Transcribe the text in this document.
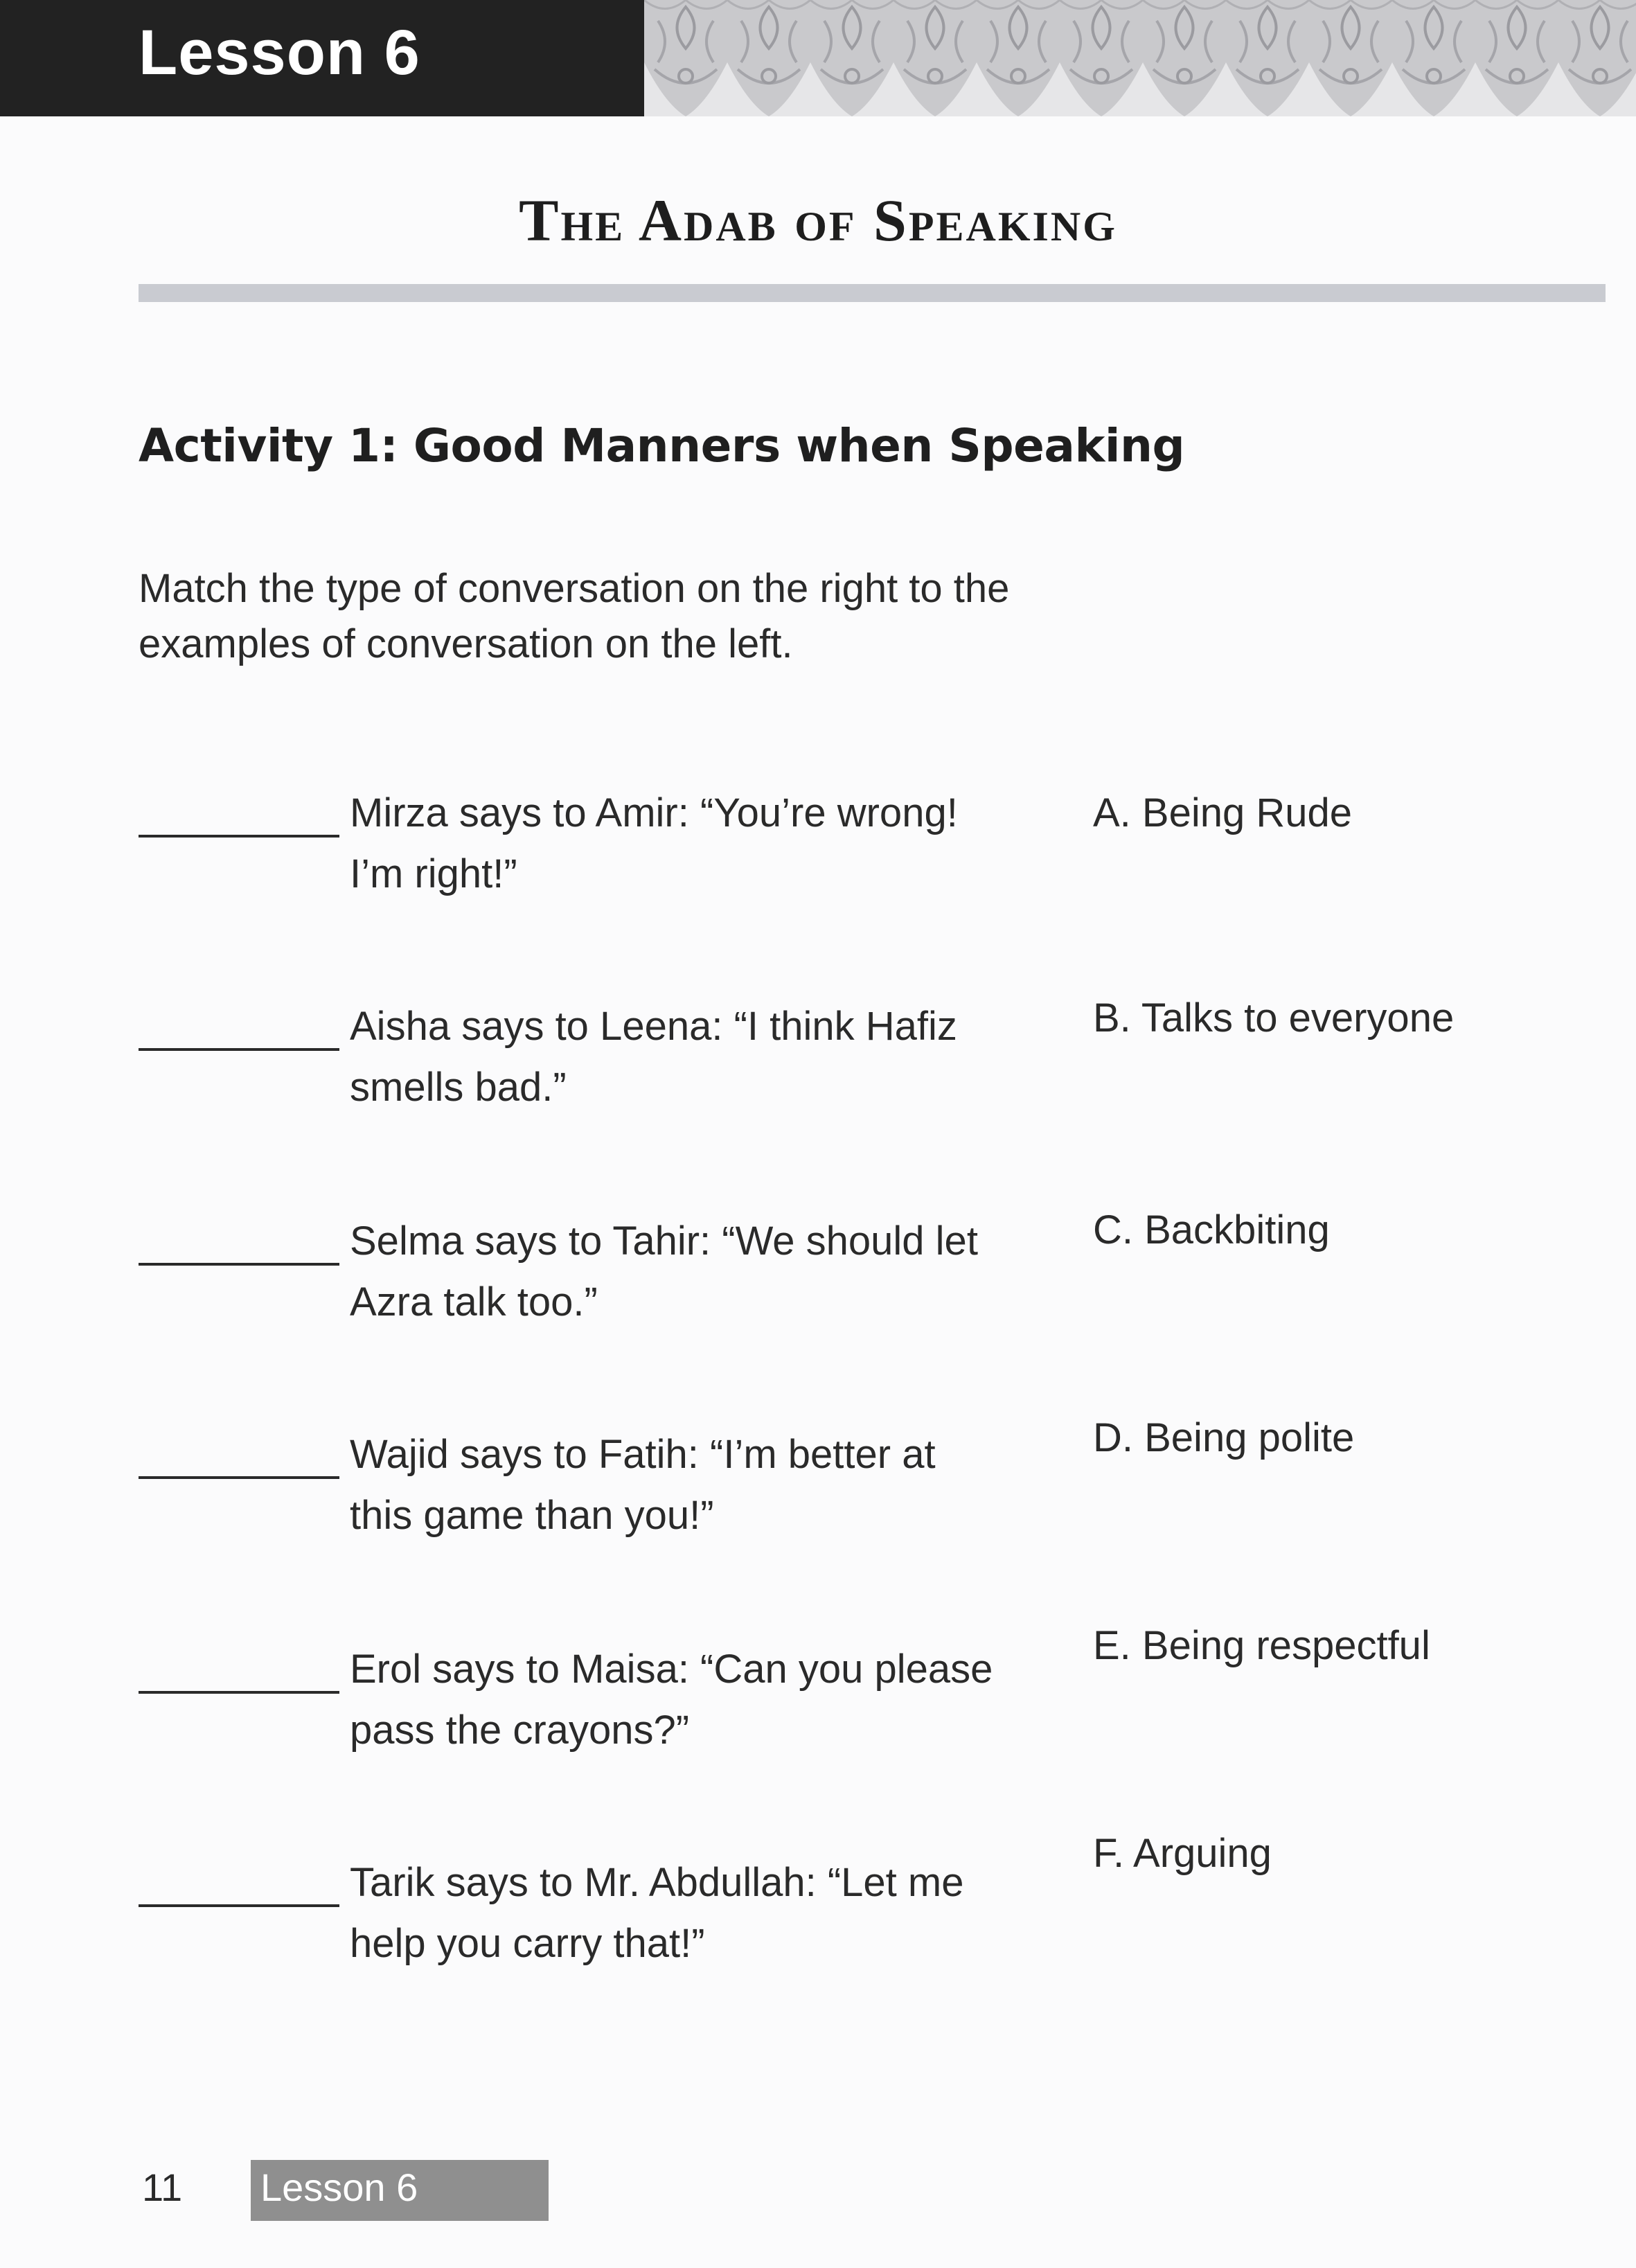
Lesson 6
The Adab of Speaking
Activity 1: Good Manners when Speaking
Match the type of conversation on the right to the
examples of conversation on the left.
Mirza says to Amir: “You’re wrong!
I’m right!”
A. Being Rude
Aisha says to Leena: “I think Hafiz
smells bad.”
B. Talks to everyone
Selma says to Tahir: “We should let
Azra talk too.”
C. Backbiting
Wajid says to Fatih: “I’m better at
this game than you!”
D. Being polite
Erol says to Maisa: “Can you please
pass the crayons?”
E. Being respectful
Tarik says to Mr. Abdullah: “Let me
help you carry that!”
F. Arguing
11 Lesson 6
